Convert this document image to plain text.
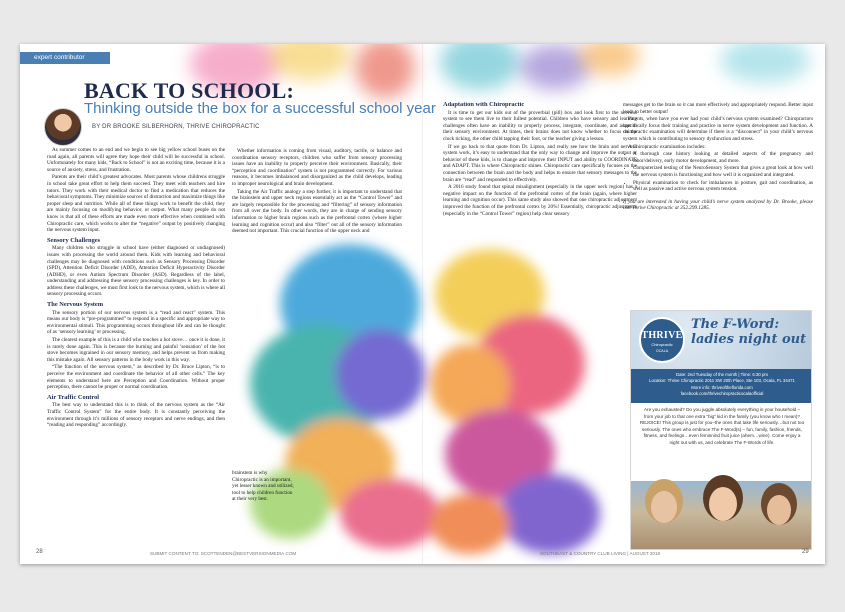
expert contributor
BACK TO SCHOOL:
Thinking outside the box for a successful school year
BY DR BROOKE SILBERHORN, THRIVE CHIROPRACTIC

As summer comes to an end and we begin to see big yellow school buses on the road again, all parents will agree they hope their child will be successful in school. Unfortunately for many kids, “Back to School” is not an exciting time, because it is a source of anxiety, stress, and frustration.

Parents are their child’s greatest advocates. Most parents whose childrens struggle in school take great effort to help them succeed. They meet with teachers and hire tutors. They work with their medical doctor to find a medication that reduces the behavioral symptoms. They minimize sources of distraction and maximize things like proper sleep and nutrition. While all of these things work to benefit the child, they are mainly focusing on modifying behavior, or output. What many people do not know is that all of these efforts are made even more effective when combined with Chiropractic care, which works to alter the “negative” output by positively changing the nervous system input.

Sensory Challenges

Many children who struggle in school have (either diagnosed or undiagnosed) issues with processing the world around them. Kids with learning and behavioral challenges may be diagnosed with conditions such as Sensory Processing Disorder (SPD), Attention Deficit Disorder (ADD), Attention Deficit Hyperactivity Disorder (ADHD), or even Autism Spectrum Disorder (ASD). Regardless of the label, understanding and addressing these sensory processing challenges is key. In order to address these challenges, we must first look to the nervous system, which is where all sensory processing occurs.

The Nervous System

The sensory portion of our nervous system is a “read and react” system. This means our body is “pre-programmed” to respond in a specific and appropriate way to environmental stimuli. This programming occurs throughout life and can be thought of as ‘sensory learning’ or processing.

The clearest example of this is a child who touches a hot stove… once it is done, it is rarely done again. This is because the burning and painful ‘sensation’ of the hot stove becomes ingrained in our sensory memory, and helps prevent us from making this mistake again. All sensory patterns in the body work in this way.

“The function of the nervous system,” as described by Dr. Bruce Lipton, “is to perceive the environment and coordinate the behavior of all other cells.” The key elements to understand here are Perception and Coordination. Without proper perception, there cannot be proper or normal coordination.

Air Traffic Control

The best way to understand this is to think of the nervous system as the “Air Traffic Control System” for the entire body. It is constantly perceiving the environment through it’s millions of sensory receptors and nerve endings, and then “reading and responding” accordingly.

Whether information is coming from visual, auditory, tactile, or balance and coordination sensory receptors, children who suffer from sensory processing issues have an inability to properly perceive their environment. Basically, their “perception and coordination” system is not programmed correctly. For various reasons, it becomes imbalanced and disorganized as the child develops, leading to improper neurological and brain development.

Taking the Air Traffic analogy a step further, it is important to understand that the brainstem and upper neck regions essentially act as the “Control Tower” and are largely responsible for the processing and “filtering” of sensory information from all over the body. In other words, they are in charge of sending sensory information to higher brain regions such as the prefrontal cortex (where higher learning and cognition occur) and also “filter” out all of the sensory information deemed not important. This crucial function of the upper neck and

brainstem is why Chiropractic is an important, yet lesser known and utilized, tool to help children function at their very best.

Adaptation with Chiropractic

It is time to get our kids out of the proverbial (pill) box and look first to the nervous system to see them live to their fullest potential. Children who have sensory and learning challenges often have an inability to properly process, integrate, coordinate, and adapt to their sensory environment. At times, their brains does not know whether to focus on the clock ticking, the other child tapping their foot, or the teacher giving a lesson.

If we go back to that quote from Dr. Lipton, and really see how the brain and nervous system work, it’s easy to understand that the only way to change and improve the output or behavior of these kids, is to change and improve their INPUT and ability to COORDINATE and ADAPT. This is where Chiropractic shines. Chiropractic care specifically focuses on the connection between the brain and the body and helps to ensure that sensory messages to the brain are “read” and responded to effectively.

A 2016 study found that spinal misalignment (especially in the upper neck region) has a negative impact on the function of the prefrontal cortex of the brain (again, where higher learning and cognition occur). This same study also showed that one chiropractic adjustment improved the function of the prefrontal cortex by 20%! Essentially, chiropractic adjustments (especially in the “Control Tower” region) help clear sensory

messages get to the brain so it can more effectively and appropriately respond. Better input leads to better output!

Parents, when have you ever had your child’s nervous system examined? Chiropractors specifically focus their training and practice in nerve system development and function. A chiropractic examination will determine if there is a “disconnect” in your child’s nervous system which is contributing to sensory dysfunction and stress.

A Chiropractic examination includes:

• A thorough case history looking at detailed aspects of the pregnancy and labor/delivery, early motor development, and more.
• Computerized testing of the NeuroSensory System that gives a great look at how well the nervous system is functioning and how well it is organized and integrated.
• Physical examination to check for imbalances in posture, gait and coordination, as well as passive and active nervous system tension.

If you are interested in having your child’s nerve system analyzed by Dr. Brooke, please call Thrive Chiropractic at 352.299.1285.

THRIVE
Chiropractic
OCALA
The F-Word: ladies night out
Date: 2nd Tuesday of the month | Time: 6:30 pm
Location: Thrive Chiropractic 2011 SW 20th Place, Ste 103, Ocala, FL 34471
More info: thriveoftheflorida.com
facebook.com/thrivechiropracticocalaofficial
Are you exhausted? Do you juggle absolutely everything in your household – from your job to that one extra “big” kid in the family (you know who I mean)? REJOICE! This group is just for you–the ones that take life seriously…but not too seriously. The ones who embrace The F-Word(s) – fun, family, fashion, friends, fitness, and feelings…even feminnind fruit juice (ahem…wine). Come enjoy a night out with us, and celebrate The F-Words of life.
28	SUBMIT CONTENT TO: SCOTTENDEN@BESTVERSIONMEDIA.COM	SOUTHEAST & COUNTRY CLUB LIVING | AUGUST 2018	29
